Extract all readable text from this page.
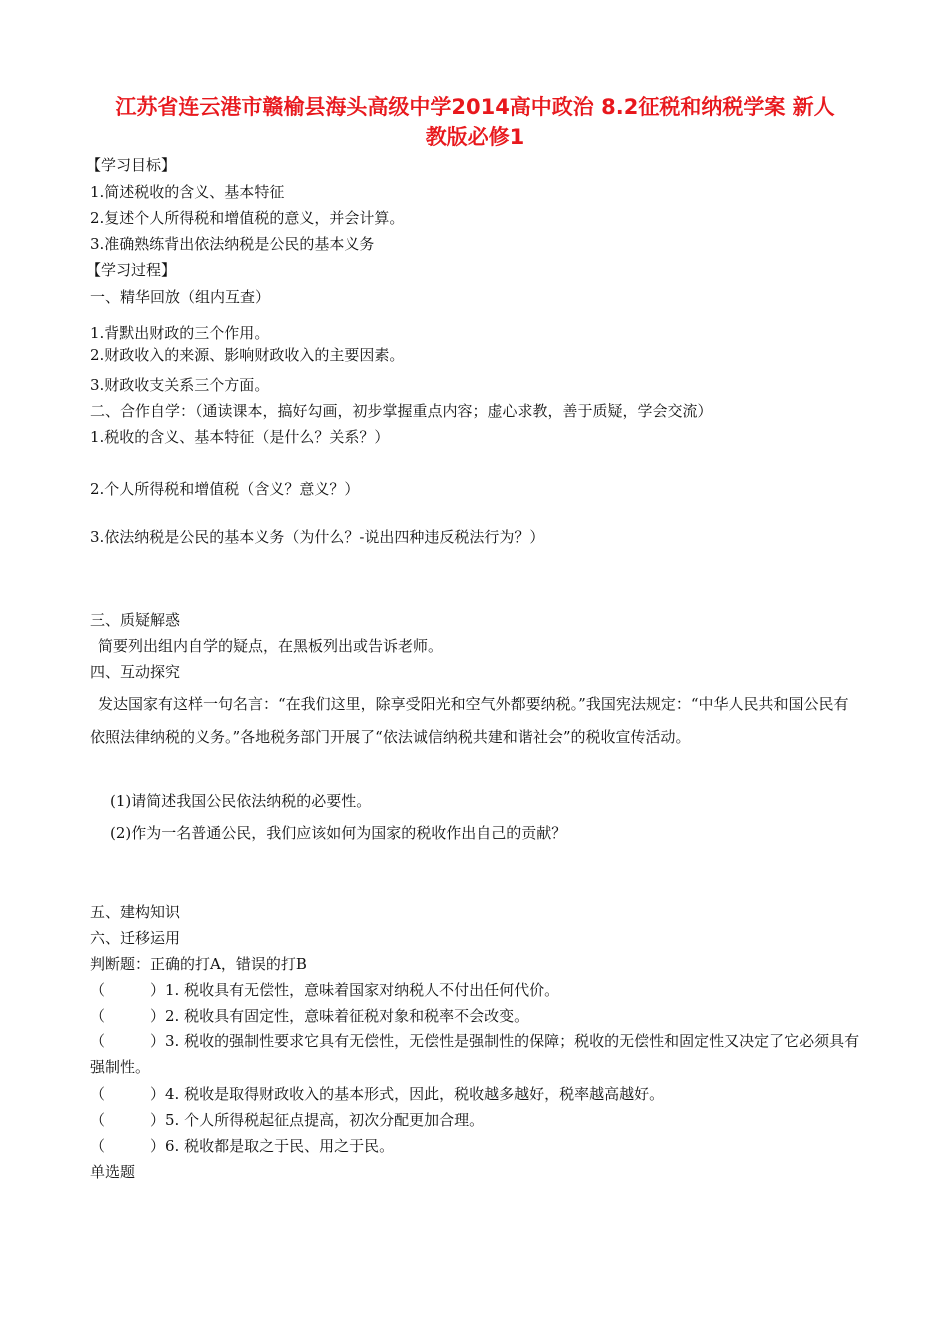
江苏省连云港市赣榆县海头高级中学2014高中政治 8.2征税和纳税学案 新人
教版必修1
【学习目标】
1.简述税收的含义、基本特征
2.复述个人所得税和增值税的意义，并会计算。
3.准确熟练背出依法纳税是公民的基本义务
【学习过程】
一、精华回放（组内互查）
1.背默出财政的三个作用。
2.财政收入的来源、影响财政收入的主要因素。
3.财政收支关系三个方面。
二、合作自学：（通读课本，搞好勾画，初步掌握重点内容；虚心求教，善于质疑，学会交流）
1.税收的含义、基本特征（是什么？关系？）
2.个人所得税和增值税（含义？意义？）
3.依法纳税是公民的基本义务（为什么？-说出四种违反税法行为？）
三、质疑解惑
简要列出组内自学的疑点，在黑板列出或告诉老师。
四、互动探究
发达国家有这样一句名言：“在我们这里，除享受阳光和空气外都要纳税。”我国宪法规定：“中华人民共和国公民有依照法律纳税的义务。”各地税务部门开展了“依法诚信纳税共建和谐社会”的税收宣传活动。
(1)请简述我国公民依法纳税的必要性。
(2)作为一名普通公民，我们应该如何为国家的税收作出自己的贡献？
五、建构知识
六、迁移运用
判断题：正确的打A，错误的打B
（　　　）1. 税收具有无偿性，意味着国家对纳税人不付出任何代价。
（　　　）2. 税收具有固定性，意味着征税对象和税率不会改变。
（　　　）3. 税收的强制性要求它具有无偿性，无偿性是强制性的保障；税收的无偿性和固定性又决定了它必须具有强制性。
（　　　）4. 税收是取得财政收入的基本形式，因此，税收越多越好，税率越高越好。
（　　　）5. 个人所得税起征点提高，初次分配更加合理。
（　　　）6. 税收都是取之于民、用之于民。
单选题
